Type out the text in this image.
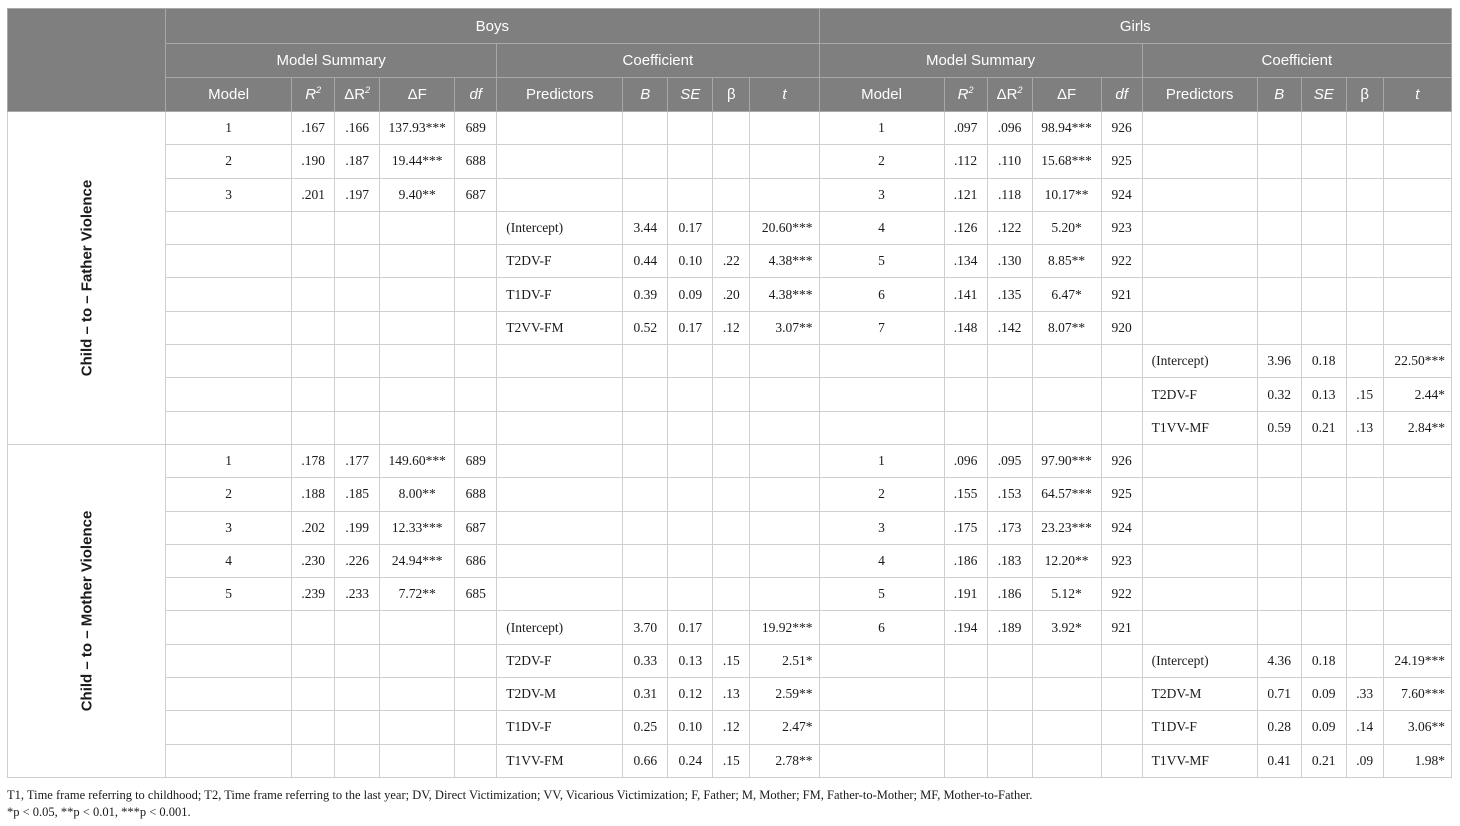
	Boys										Girls									
	Model Summary					Coefficient					Model Summary					Coefficient				
	Model	$R^2$	$\Delta R^2$	ΔF	df	Predictors	B	SE	β	t	Model	$R^2$	$\Delta R^2$	ΔF	df	Predictors	B	SE	β	t

Child – to – Father Violence	1	.167	.166	137.93***	689						1	.097	.096	98.94***	926					
	2	.190	.187	19.44***	688						2	.112	.110	15.68***	925					
	3	.201	.197	9.40**	687						3	.121	.118	10.17**	924					
						(Intercept)	3.44	0.17		20.60***	4	.126	.122	5.20*	923					
						T2DV-F	0.44	0.10	.22	4.38***	5	.134	.130	8.85**	922					
						T1DV-F	0.39	0.09	.20	4.38***	6	.141	.135	6.47*	921					
						T2VV-FM	0.52	0.17	.12	3.07**	7	.148	.142	8.07**	920					
																(Intercept)	3.96	0.18		22.50***
																T2DV-F	0.32	0.13	.15	2.44*
																T1VV-MF	0.59	0.21	.13	2.84**

Child – to – Mother Violence	1	.178	.177	149.60***	689						1	.096	.095	97.90***	926					
	2	.188	.185	8.00**	688						2	.155	.153	64.57***	925					
	3	.202	.199	12.33***	687						3	.175	.173	23.23***	924					
	4	.230	.226	24.94***	686						4	.186	.183	12.20**	923					
	5	.239	.233	7.72**	685						5	.191	.186	5.12*	922					
						(Intercept)	3.70	0.17		19.92***	6	.194	.189	3.92*	921					
						T2DV-F	0.33	0.13	.15	2.51*						(Intercept)	4.36	0.18		24.19***
						T2DV-M	0.31	0.12	.13	2.59**						T2DV-M	0.71	0.09	.33	7.60***
						T1DV-F	0.25	0.10	.12	2.47*						T1DV-F	0.28	0.09	.14	3.06**
						T1VV-FM	0.66	0.24	.15	2.78**						T1VV-MF	0.41	0.21	.09	1.98*
T1, Time frame referring to childhood; T2, Time frame referring to the last year; DV, Direct Victimization; VV, Vicarious Victimization; F, Father; M, Mother; FM, Father-to-Mother; MF, Mother-to-Father.
*p < 0.05, **p < 0.01, ***p < 0.001.
